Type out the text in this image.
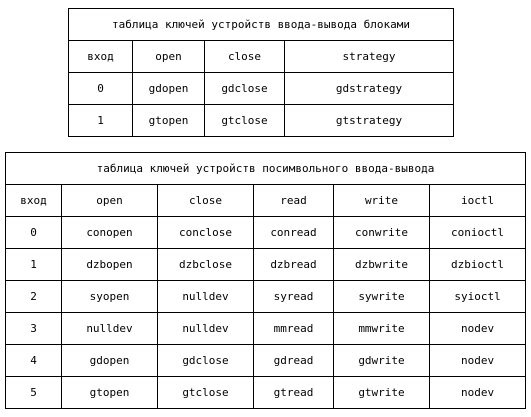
таблица ключей устройств ввода-вывода блоками			
вход	open	close	strategy
0	gdopen	gdclose	gdstrategy
1	gtopen	gtclose	gtstrategy
таблица ключей устройств посимвольного ввода-вывода					
вход	open	close	read	write	ioctl
0	conopen	conclose	conread	conwrite	conioctl
1	dzbopen	dzbclose	dzbread	dzbwrite	dzbioctl
2	syopen	nulldev	syread	sywrite	syioctl
3	nulldev	nulldev	mmread	mmwrite	nodev
4	gdopen	gdclose	gdread	gdwrite	nodev
5	gtopen	gtclose	gtread	gtwrite	nodev
